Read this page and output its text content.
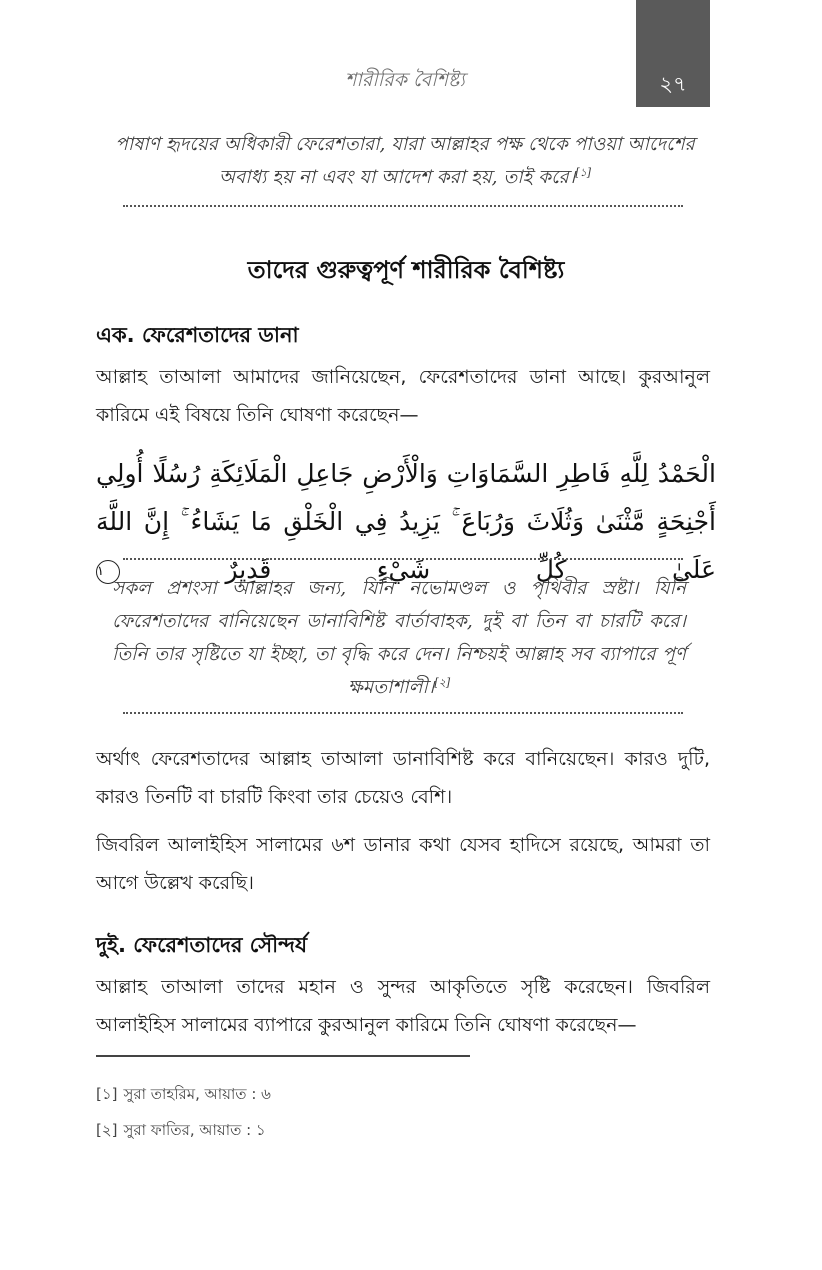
শারীরিক বৈশিষ্ট্য	২৭
পাষাণ হৃদয়ের অধিকারী ফেরেশতারা, যারা আল্লাহর পক্ষ থেকে পাওয়া আদেশের অবাধ্য হয় না এবং যা আদেশ করা হয়, তাই করে।[১]
তাদের গুরুত্বপূর্ণ শারীরিক বৈশিষ্ট্য
এক. ফেরেশতাদের ডানা
আল্লাহ তাআলা আমাদের জানিয়েছেন, ফেরেশতাদের ডানা আছে। কুরআনুল কারিমে এই বিষয়ে তিনি ঘোষণা করেছেন—
الْحَمْدُ لِلَّهِ فَاطِرِ السَّمَاوَاتِ وَالْأَرْضِ جَاعِلِ الْمَلَائِكَةِ رُسُلًا أُولِي أَجْنِحَةٍ مَّثْنَىٰ وَثُلَاثَ وَرُبَاعَ ۚ يَزِيدُ فِي الْخَلْقِ مَا يَشَاءُ ۚ إِنَّ اللَّهَ عَلَىٰ كُلِّ شَيْءٍ قَدِيرٌ ١
সকল প্রশংসা আল্লাহর জন্য, যিনি নভোমণ্ডল ও পৃথিবীর স্রষ্টা। যিনি ফেরেশতাদের বানিয়েছেন ডানাবিশিষ্ট বার্তাবাহক, দুই বা তিন বা চারটি করে। তিনি তার সৃষ্টিতে যা ইচ্ছা, তা বৃদ্ধি করে দেন। নিশ্চয়ই আল্লাহ সব ব্যাপারে পূর্ণ ক্ষমতাশালী।[২]
অর্থাৎ ফেরেশতাদের আল্লাহ তাআলা ডানাবিশিষ্ট করে বানিয়েছেন। কারও দুটি, কারও তিনটি বা চারটি কিংবা তার চেয়েও বেশি।
জিবরিল আলাইহিস সালামের ৬শ ডানার কথা যেসব হাদিসে রয়েছে, আমরা তা আগে উল্লেখ করেছি।
দুই. ফেরেশতাদের সৌন্দর্য
আল্লাহ তাআলা তাদের মহান ও সুন্দর আকৃতিতে সৃষ্টি করেছেন। জিবরিল আলাইহিস সালামের ব্যাপারে কুরআনুল কারিমে তিনি ঘোষণা করেছেন—
[১] সুরা তাহরিম, আয়াত : ৬
[২] সুরা ফাতির, আয়াত : ১
